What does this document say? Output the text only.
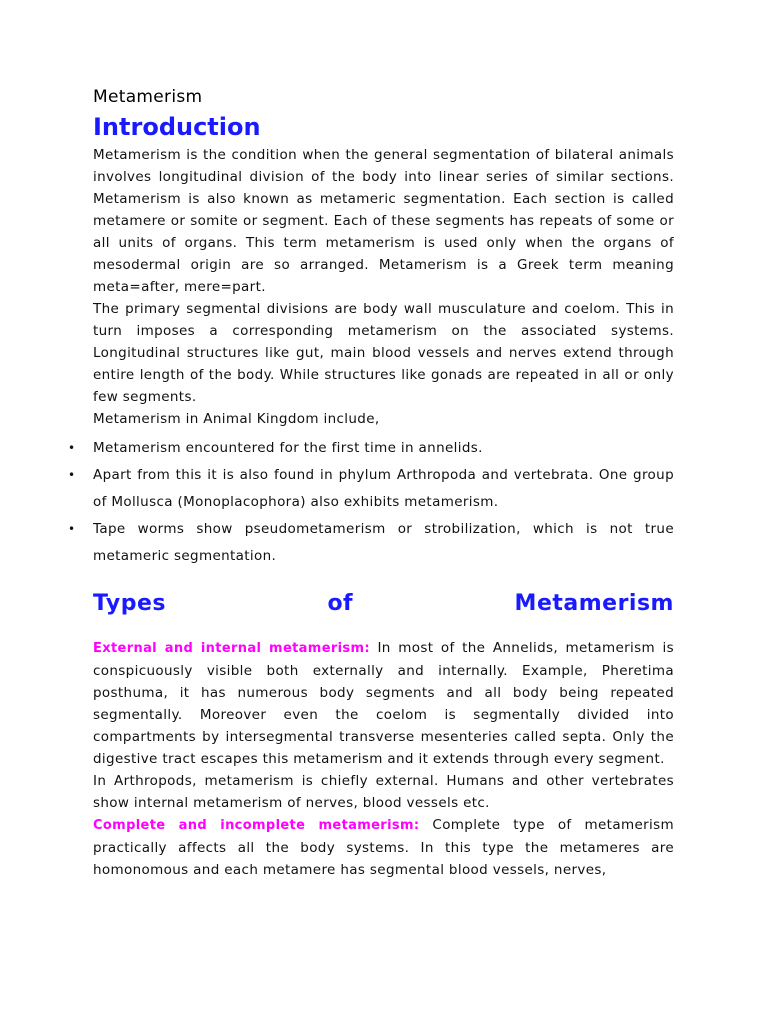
Metamerism
Introduction

Metamerism is the condition when the general segmentation of bilateral animals involves longitudinal division of the body into linear series of similar sections. Metamerism is also known as metameric segmentation. Each section is called metamere or somite or segment. Each of these segments has repeats of some or all units of organs. This term metamerism is used only when the organs of mesodermal origin are so arranged. Metamerism is a Greek term meaning meta=after, mere=part.

The primary segmental divisions are body wall musculature and coelom. This in turn imposes a corresponding metamerism on the associated systems. Longitudinal structures like gut, main blood vessels and nerves extend through entire length of the body. While structures like gonads are repeated in all or only few segments.

Metamerism in Animal Kingdom include,

• Metamerism encountered for the first time in annelids.
• Apart from this it is also found in phylum Arthropoda and vertebrata. One group of Mollusca (Monoplacophora) also exhibits metamerism.
• Tape worms show pseudometamerism or strobilization, which is not true metameric segmentation.
Types	of	Metamerism

External and internal metamerism: In most of the Annelids, metamerism is conspicuously visible both externally and internally. Example, Pheretima posthuma, it has numerous body segments and all body being repeated segmentally. Moreover even the coelom is segmentally divided into compartments by intersegmental transverse mesenteries called septa. Only the digestive tract escapes this metamerism and it extends through every segment.

In Arthropods, metamerism is chiefly external. Humans and other vertebrates show internal metamerism of nerves, blood vessels etc.

Complete and incomplete metamerism: Complete type of metamerism practically affects all the body systems. In this type the metameres are homonomous and each metamere has segmental blood vessels, nerves,
